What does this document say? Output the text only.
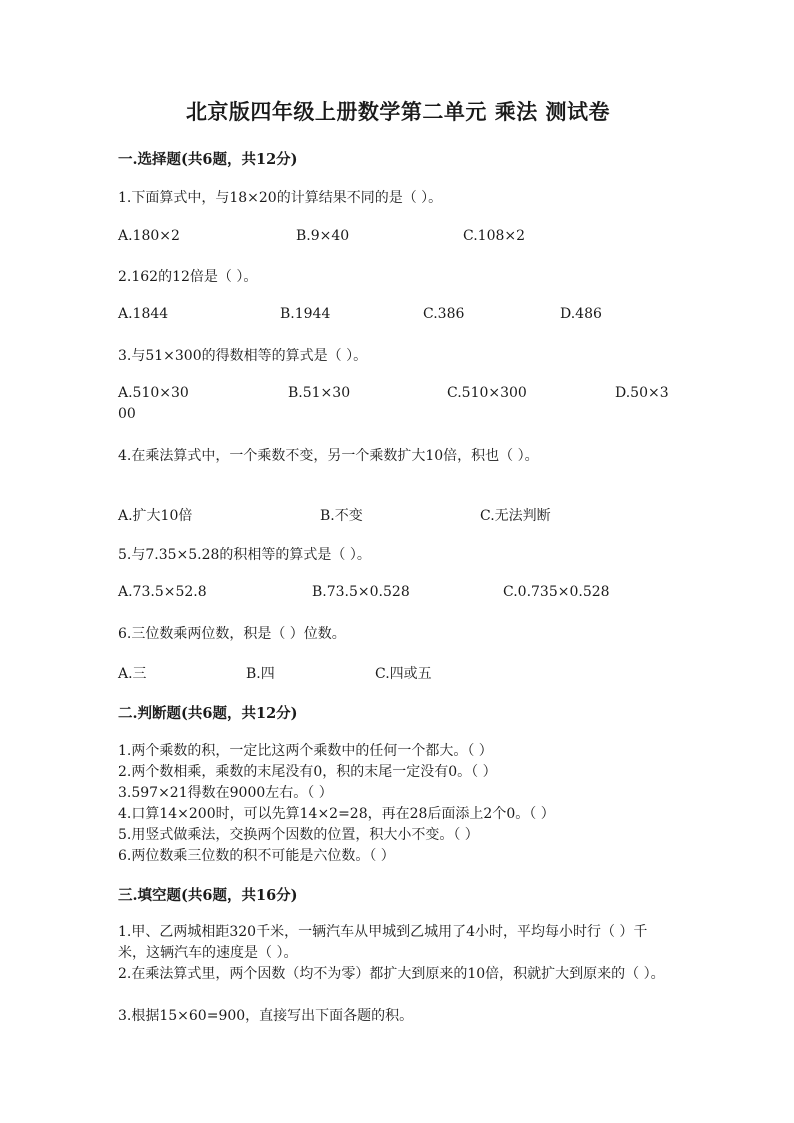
北京版四年级上册数学第二单元 乘法 测试卷
一.选择题(共6题，共12分)
1.下面算式中，与18×20的计算结果不同的是（ ）。
A.180×2	B.9×40	C.108×2
2.162的12倍是（ ）。
A.1844	B.1944	C.386	D.486
3.与51×300的得数相等的算式是（ ）。
A.510×30	B.51×30	C.510×300	D.50×3
00
4.在乘法算式中，一个乘数不变，另一个乘数扩大10倍，积也（ ）。
A.扩大10倍	B.不变	C.无法判断
5.与7.35×5.28的积相等的算式是（ ）。
A.73.5×52.8	B.73.5×0.528	C.0.735×0.528
6.三位数乘两位数，积是（ ）位数。
A.三	B.四	C.四或五
二.判断题(共6题，共12分)
1.两个乘数的积，一定比这两个乘数中的任何一个都大。（ ）
2.两个数相乘，乘数的末尾没有0，积的末尾一定没有0。（ ）
3.597×21得数在9000左右。（ ）
4.口算14×200时，可以先算14×2=28，再在28后面添上2个0。（ ）
5.用竖式做乘法，交换两个因数的位置，积大小不变。（ ）
6.两位数乘三位数的积不可能是六位数。（ ）
三.填空题(共6题，共16分)
1.甲、乙两城相距320千米，一辆汽车从甲城到乙城用了4小时，平均每小时行（ ）千米，这辆汽车的速度是（ ）。
2.在乘法算式里，两个因数（均不为零）都扩大到原来的10倍，积就扩大到原来的（ ）。
3.根据15×60=900，直接写出下面各题的积。
